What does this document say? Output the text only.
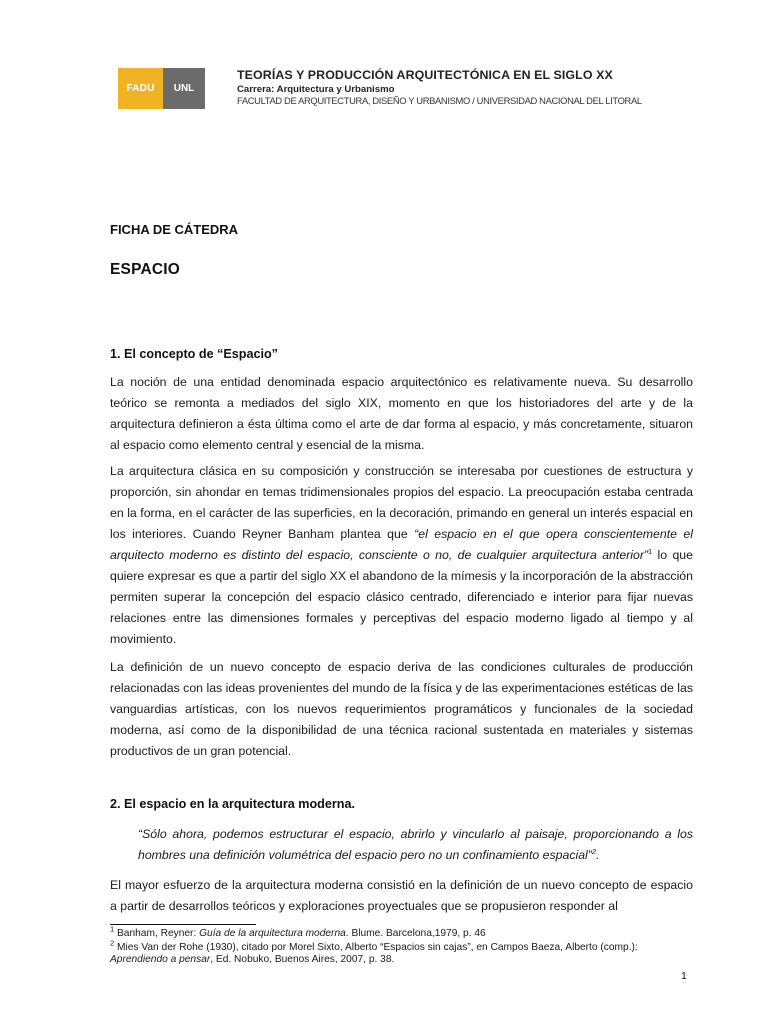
FADU	UNL
TEORÍAS Y PRODUCCIÓN ARQUITECTÓNICA EN EL SIGLO XX
Carrera: Arquitectura y Urbanismo
FACULTAD DE ARQUITECTURA, DISEÑO Y URBANISMO / UNIVERSIDAD NACIONAL DEL LITORAL
FICHA DE CÁTEDRA
ESPACIO
1. El concepto de “Espacio”
La noción de una entidad denominada espacio arquitectónico es relativamente nueva. Su desarrollo teórico se remonta a mediados del siglo XIX, momento en que los historiadores del arte y de la arquitectura definieron a ésta última como el arte de dar forma al espacio, y más concretamente, situaron al espacio como elemento central y esencial de la misma.
La arquitectura clásica en su composición y construcción se interesaba por cuestiones de estructura y proporción, sin ahondar en temas tridimensionales propios del espacio. La preocupación estaba centrada en la forma, en el carácter de las superficies, en la decoración, primando en general un interés espacial en los interiores. Cuando Reyner Banham plantea que “el espacio en el que opera conscientemente el arquitecto moderno es distinto del espacio, consciente o no, de cualquier arquitectura anterior”$^1$ lo que quiere expresar es que a partir del siglo XX el abandono de la mímesis y la incorporación de la abstracción permiten superar la concepción del espacio clásico centrado, diferenciado e interior para fijar nuevas relaciones entre las dimensiones formales y perceptivas del espacio moderno ligado al tiempo y al movimiento.
La definición de un nuevo concepto de espacio deriva de las condiciones culturales de producción relacionadas con las ideas provenientes del mundo de la física y de las experimentaciones estéticas de las vanguardias artísticas, con los nuevos requerimientos programáticos y funcionales de la sociedad moderna, así como de la disponibilidad de una técnica racional sustentada en materiales y sistemas productivos de un gran potencial.
2. El espacio en la arquitectura moderna.
“Sólo ahora, podemos estructurar el espacio, abrirlo y vincularlo al paisaje, proporcionando a los hombres una definición volumétrica del espacio pero no un confinamiento espacial”$^2$.
El mayor esfuerzo de la arquitectura moderna consistió en la definición de un nuevo concepto de espacio a partir de desarrollos teóricos y exploraciones proyectuales que se propusieron responder al
$^1$ Banham, Reyner: Guía de la arquitectura moderna. Blume. Barcelona,1979, p. 46
$^2$ Mies Van der Rohe (1930), citado por Morel Sixto, Alberto “Espacios sin cajas”, en Campos Baeza, Alberto (comp.): Aprendiendo a pensar, Ed. Nobuko, Buenos Aires, 2007, p. 38.
1
